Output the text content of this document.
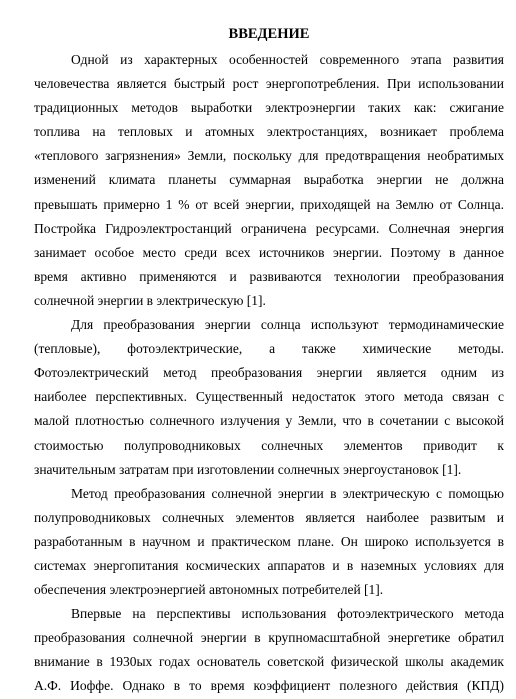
ВВЕДЕНИЕ
Одной из характерных особенностей современного этапа развития
человечества является быстрый рост энергопотребления. При использовании
традиционных методов выработки электроэнергии таких как: сжигание
топлива на тепловых и атомных электростанциях, возникает проблема
«теплового загрязнения» Земли, поскольку для предотвращения необратимых
изменений климата планеты суммарная выработка энергии не должна
превышать примерно 1 % от всей энергии, приходящей на Землю от Солнца.
Постройка Гидроэлектростанций ограничена ресурсами. Солнечная энергия
занимает особое место среди всех источников энергии. Поэтому в данное
время активно применяются и развиваются технологии преобразования
солнечной энергии в электрическую [1].
Для преобразования энергии солнца используют термодинамические
(тепловые), фотоэлектрические, а также химические методы.
Фотоэлектрический метод преобразования энергии является одним из
наиболее перспективных. Существенный недостаток этого метода связан с
малой плотностью солнечного излучения у Земли, что в сочетании с высокой
стоимостью полупроводниковых солнечных элементов приводит к
значительным затратам при изготовлении солнечных энергоустановок [1].
Метод преобразования солнечной энергии в электрическую с помощью
полупроводниковых солнечных элементов является наиболее развитым и
разработанным в научном и практическом плане. Он широко используется в
системах энергопитания космических аппаратов и в наземных условиях для
обеспечения электроэнергией автономных потребителей [1].
Впервые на перспективы использования фотоэлектрического метода
преобразования солнечной энергии в крупномасштабной энергетике обратил
внимание в 1930ых годах основатель советской физической школы академик
А.Ф. Иоффе. Однако в то время коэффициент полезного действия (КПД)
